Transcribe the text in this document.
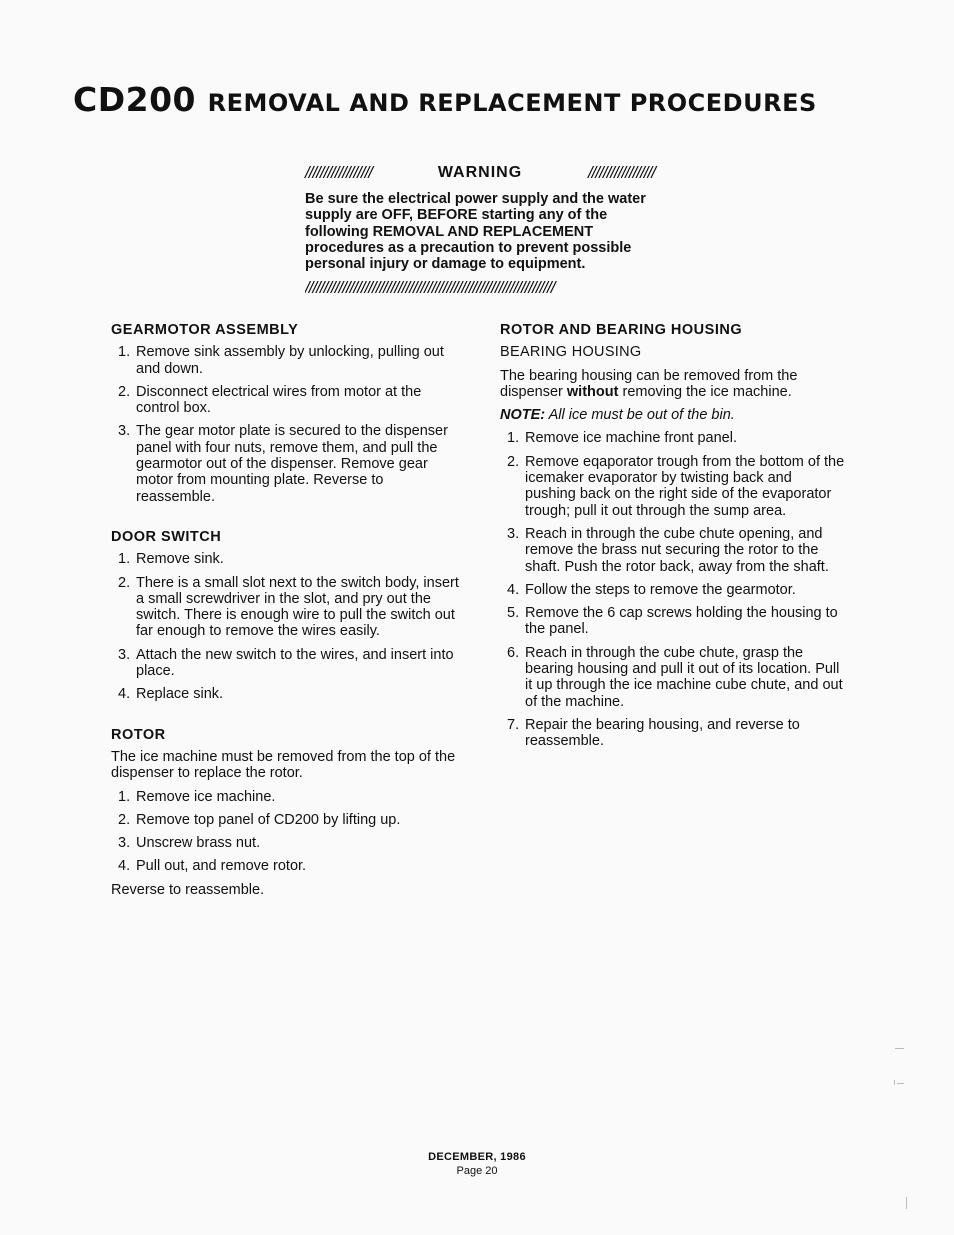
CD200 REMOVAL AND REPLACEMENT PROCEDURES
//////////////////	WARNING	//////////////////

Be sure the electrical power supply and the water supply are OFF, BEFORE starting any of the following REMOVAL AND REPLACEMENT procedures as a precaution to prevent possible personal injury or damage to equipment.

///////////////////////////////////////////////////////////////////
GEARMOTOR ASSEMBLY
1. Remove sink assembly by unlocking, pulling out and down.
2. Disconnect electrical wires from motor at the control box.
3. The gear motor plate is secured to the dispenser panel with four nuts, remove them, and pull the gearmotor out of the dispenser. Remove gear motor from mounting plate. Reverse to reassemble.
DOOR SWITCH
1. Remove sink.
2. There is a small slot next to the switch body, insert a small screwdriver in the slot, and pry out the switch. There is enough wire to pull the switch out far enough to remove the wires easily.
3. Attach the new switch to the wires, and insert into place.
4. Replace sink.
ROTOR

The ice machine must be removed from the top of the dispenser to replace the rotor.

1. Remove ice machine.
2. Remove top panel of CD200 by lifting up.
3. Unscrew brass nut.
4. Pull out, and remove rotor.

Reverse to reassemble.

ROTOR AND BEARING HOUSING

BEARING HOUSING

The bearing housing can be removed from the dispenser without removing the ice machine.

NOTE: All ice must be out of the bin.

1. Remove ice machine front panel.
2. Remove eqaporator trough from the bottom of the icemaker evaporator by twisting back and pushing back on the right side of the evaporator trough; pull it out through the sump area.
3. Reach in through the cube chute opening, and remove the brass nut securing the rotor to the shaft. Push the rotor back, away from the shaft.
4. Follow the steps to remove the gearmotor.
5. Remove the 6 cap screws holding the housing to the panel.
6. Reach in through the cube chute, grasp the bearing housing and pull it out of its location. Pull it up through the ice machine cube chute, and out of the machine.
7. Repair the bearing housing, and reverse to reassemble.
DECEMBER, 1986
Page 20
